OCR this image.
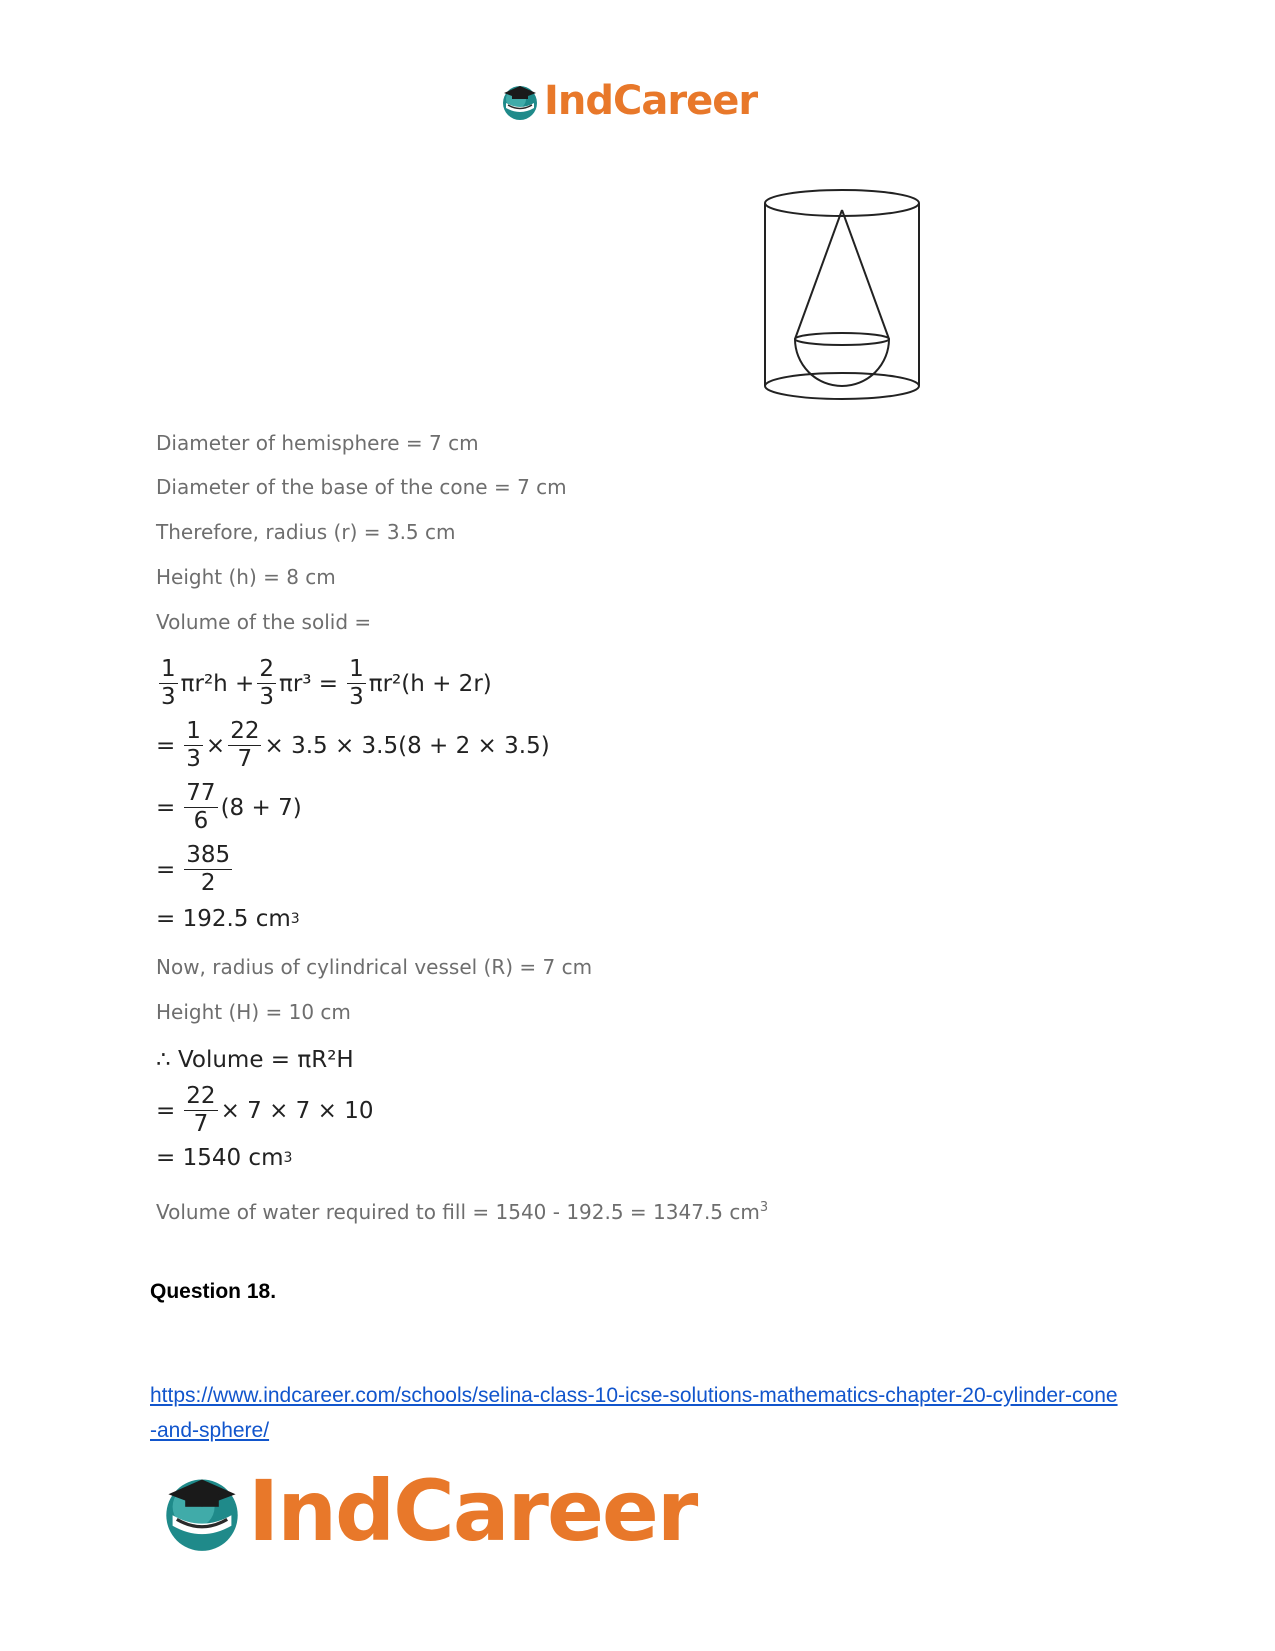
IndCareer
Diameter of hemisphere = 7 cm
Diameter of the base of the cone = 7 cm
Therefore, radius (r) = 3.5 cm
Height (h) = 8 cm
Volume of the solid =
$\frac{1}{3} \pi r^2h + \frac{2}{3} \pi r^3 = \frac{1}{3} \pi r^2(h + 2r)$
= $\frac{1}{3} \times \frac{22}{7} \times 3.5 \times 3.5(8 + 2 \times 3.5)$
= $\frac{77}{6} (8 + 7)$
= $\frac{385}{2}$
= 192.5 cm 3
Now, radius of cylindrical vessel (R) = 7 cm
Height (H) = 10 cm
∴ Volume = πR²H
= $\frac{22}{7} \times 7 \times 7 \times 10$
= 1540 cm 3
Volume of water required to fill = 1540 - 192.5 = 1347.5 $cm^3$
Question 18.
https://www.indcareer.com/schools/selina-class-10-icse-solutions-mathematics-chapter-20-cylinder-cone-and-sphere/
IndCareer
